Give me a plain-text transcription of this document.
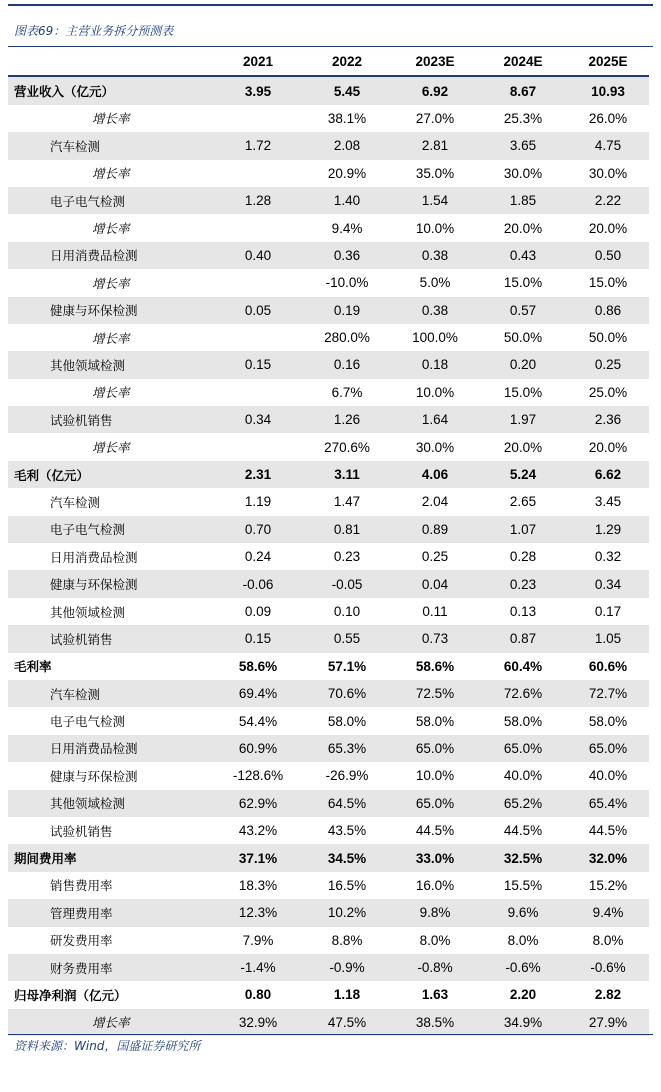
图表69：主营业务拆分预测表
	2021	2022	2023E	2024E	2025E
营业收入（亿元）	3.95	5.45	6.92	8.67	10.93
增长率		38.1%	27.0%	25.3%	26.0%
汽车检测	1.72	2.08	2.81	3.65	4.75
增长率		20.9%	35.0%	30.0%	30.0%
电子电气检测	1.28	1.40	1.54	1.85	2.22
增长率		9.4%	10.0%	20.0%	20.0%
日用消费品检测	0.40	0.36	0.38	0.43	0.50
增长率		-10.0%	5.0%	15.0%	15.0%
健康与环保检测	0.05	0.19	0.38	0.57	0.86
增长率		280.0%	100.0%	50.0%	50.0%
其他领域检测	0.15	0.16	0.18	0.20	0.25
增长率		6.7%	10.0%	15.0%	25.0%
试验机销售	0.34	1.26	1.64	1.97	2.36
增长率		270.6%	30.0%	20.0%	20.0%
毛利（亿元）	2.31	3.11	4.06	5.24	6.62
汽车检测	1.19	1.47	2.04	2.65	3.45
电子电气检测	0.70	0.81	0.89	1.07	1.29
日用消费品检测	0.24	0.23	0.25	0.28	0.32
健康与环保检测	-0.06	-0.05	0.04	0.23	0.34
其他领域检测	0.09	0.10	0.11	0.13	0.17
试验机销售	0.15	0.55	0.73	0.87	1.05
毛利率	58.6%	57.1%	58.6%	60.4%	60.6%
汽车检测	69.4%	70.6%	72.5%	72.6%	72.7%
电子电气检测	54.4%	58.0%	58.0%	58.0%	58.0%
日用消费品检测	60.9%	65.3%	65.0%	65.0%	65.0%
健康与环保检测	-128.6%	-26.9%	10.0%	40.0%	40.0%
其他领域检测	62.9%	64.5%	65.0%	65.2%	65.4%
试验机销售	43.2%	43.5%	44.5%	44.5%	44.5%
期间费用率	37.1%	34.5%	33.0%	32.5%	32.0%
销售费用率	18.3%	16.5%	16.0%	15.5%	15.2%
管理费用率	12.3%	10.2%	9.8%	9.6%	9.4%
研发费用率	7.9%	8.8%	8.0%	8.0%	8.0%
财务费用率	-1.4%	-0.9%	-0.8%	-0.6%	-0.6%
归母净利润（亿元）	0.80	1.18	1.63	2.20	2.82
增长率	32.9%	47.5%	38.5%	34.9%	27.9%
资料来源：Wind，国盛证券研究所
